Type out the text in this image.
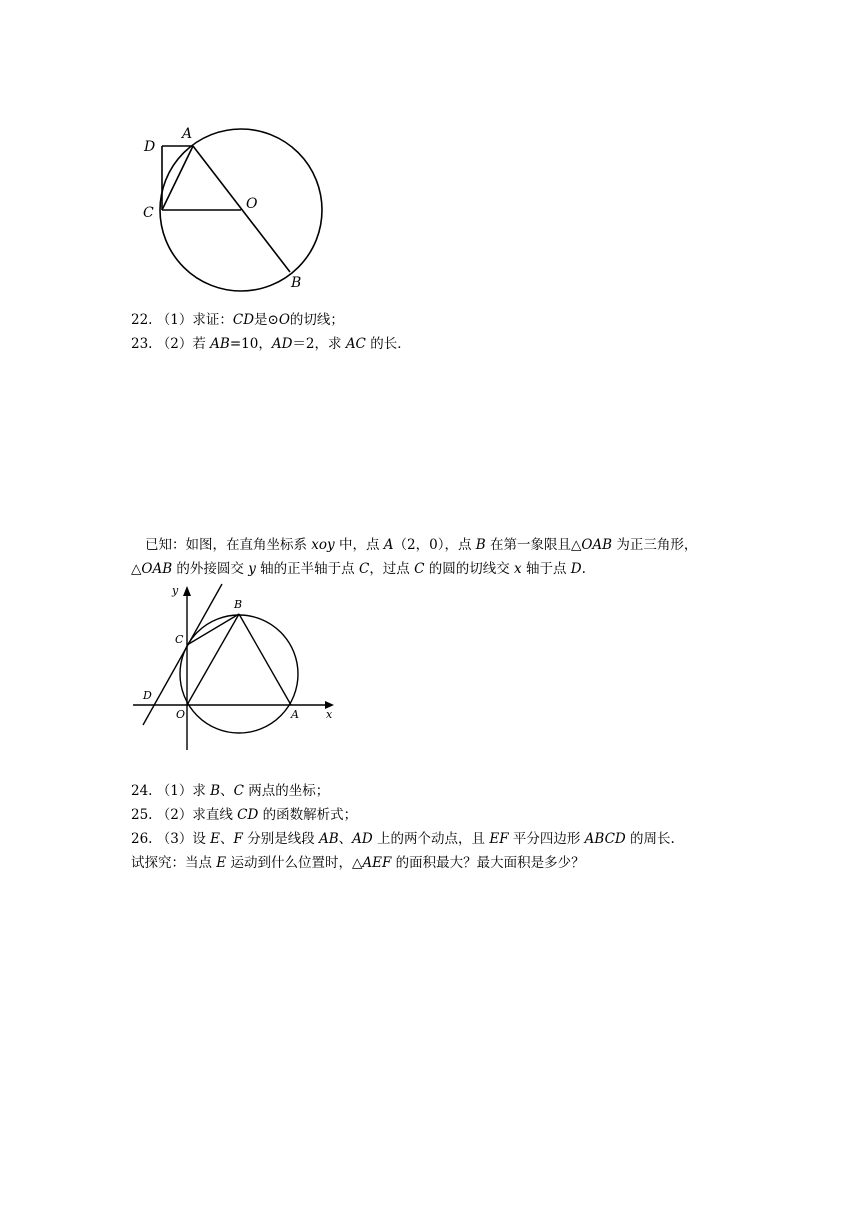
D
A
C
O
B
22. （1）求证：CD是⊙O的切线；
23. （2）若 AB=10，AD＝2，求 AC 的长．
已知：如图，在直角坐标系 xoy 中，点 A（2，0），点 B 在第一象限且△OAB 为正三角形，
△OAB 的外接圆交 y 轴的正半轴于点 C，过点 C 的圆的切线交 x 轴于点 D.
y
x
B
C
D
O	A
24. （1）求 B、C 两点的坐标；
25. （2）求直线 CD 的函数解析式；
26. （3）设 E、F 分别是线段 AB、AD 上的两个动点，且 EF 平分四边形 ABCD 的周长.
试探究：当点 E 运动到什么位置时，△AEF 的面积最大？最大面积是多少？
